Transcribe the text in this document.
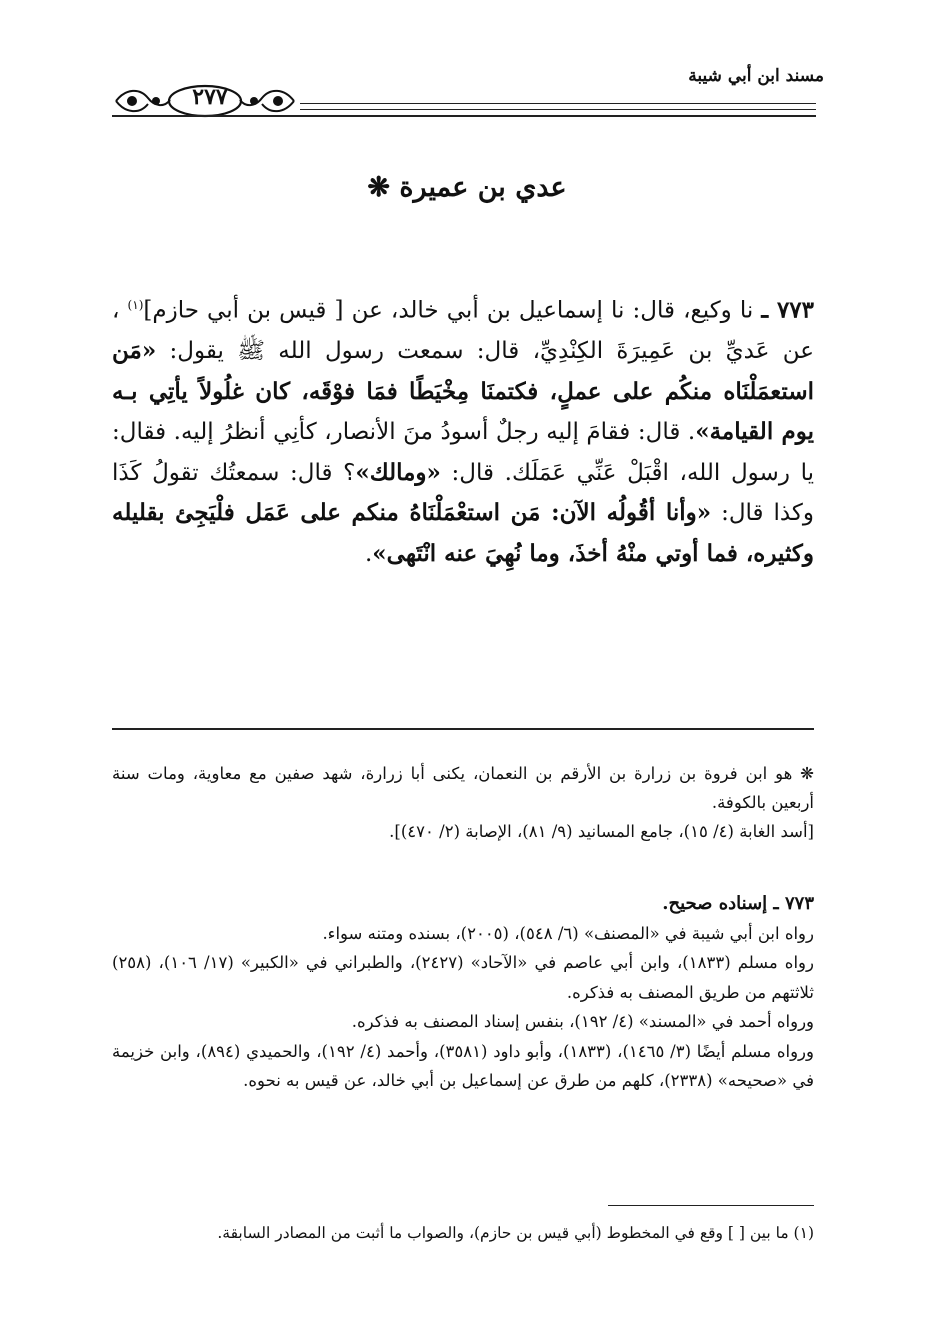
مسند ابن أبي شيبة
٢٧٧
عدي بن عميرة ❋
٧٧٣ ـ نا وكيع، قال: نا إسماعيل بن أبي خالد، عن [ قيس بن أبي حازم]$^{(١)}$ ، عن عَديِّ بن عَمِيرَةَ الكِنْدِيِّ، قال: سمعت رسول الله ﷺ يقول: «مَن استعمَلْنَاه منكُم على عملٍ، فكتمنَا مِخْيَطًا فمَا فوْقَه، كان غلُولاً يأتِي بـه يوم القيامة». قال: فقامَ إليه رجلٌ أسودُ منَ الأنصار، كأنِي أنظرُ إليه. فقال: يا رسول الله، اقْبَلْ عَنِّي عَمَلَك. قال: «ومالك»؟ قال: سمعتُك تقولُ كَذَا وكذا قال: «وأنا أقُولُه الآن: مَن استعْمَلْنَاهُ منكم على عَمَل فلْيَجِئ بقليله وكثيره، فما أوتي منْهُ أخذَ، وما نُهِيَ عنه انْتَهى».
❋ هو ابن فروة بن زرارة بن الأرقم بن النعمان، يكنى أبا زرارة، شهد صفين مع معاوية، ومات سنة أربعين بالكوفة.
[أسد الغابة (٤/ ١٥)، جامع المسانيد (٩/ ٨١)، الإصابة (٢/ ٤٧٠)].
٧٧٣ ـ إسناده صحيح.
رواه ابن أبي شيبة في «المصنف» (٦/ ٥٤٨)، (٢٠٠٥)، بسنده ومتنه سواء.
رواه مسلم (١٨٣٣)، وابن أبي عاصم في «الآحاد» (٢٤٢٧)، والطبراني في «الكبير» (١٧/ ١٠٦)، (٢٥٨) ثلاثتهم من طريق المصنف به فذكره.
ورواه أحمد في «المسند» (٤/ ١٩٢)، بنفس إسناد المصنف به فذكره.
ورواه مسلم أيضًا (٣/ ١٤٦٥)، (١٨٣٣)، وأبو داود (٣٥٨١)، وأحمد (٤/ ١٩٢)، والحميدي (٨٩٤)، وابن خزيمة في «صحيحه» (٢٣٣٨)، كلهم من طرق عن إسماعيل بن أبي خالد، عن قيس به نحوه.
(١) ما بين [ ] وقع في المخطوط (أبي قيس بن حازم)، والصواب ما أثبت من المصادر السابقة.
